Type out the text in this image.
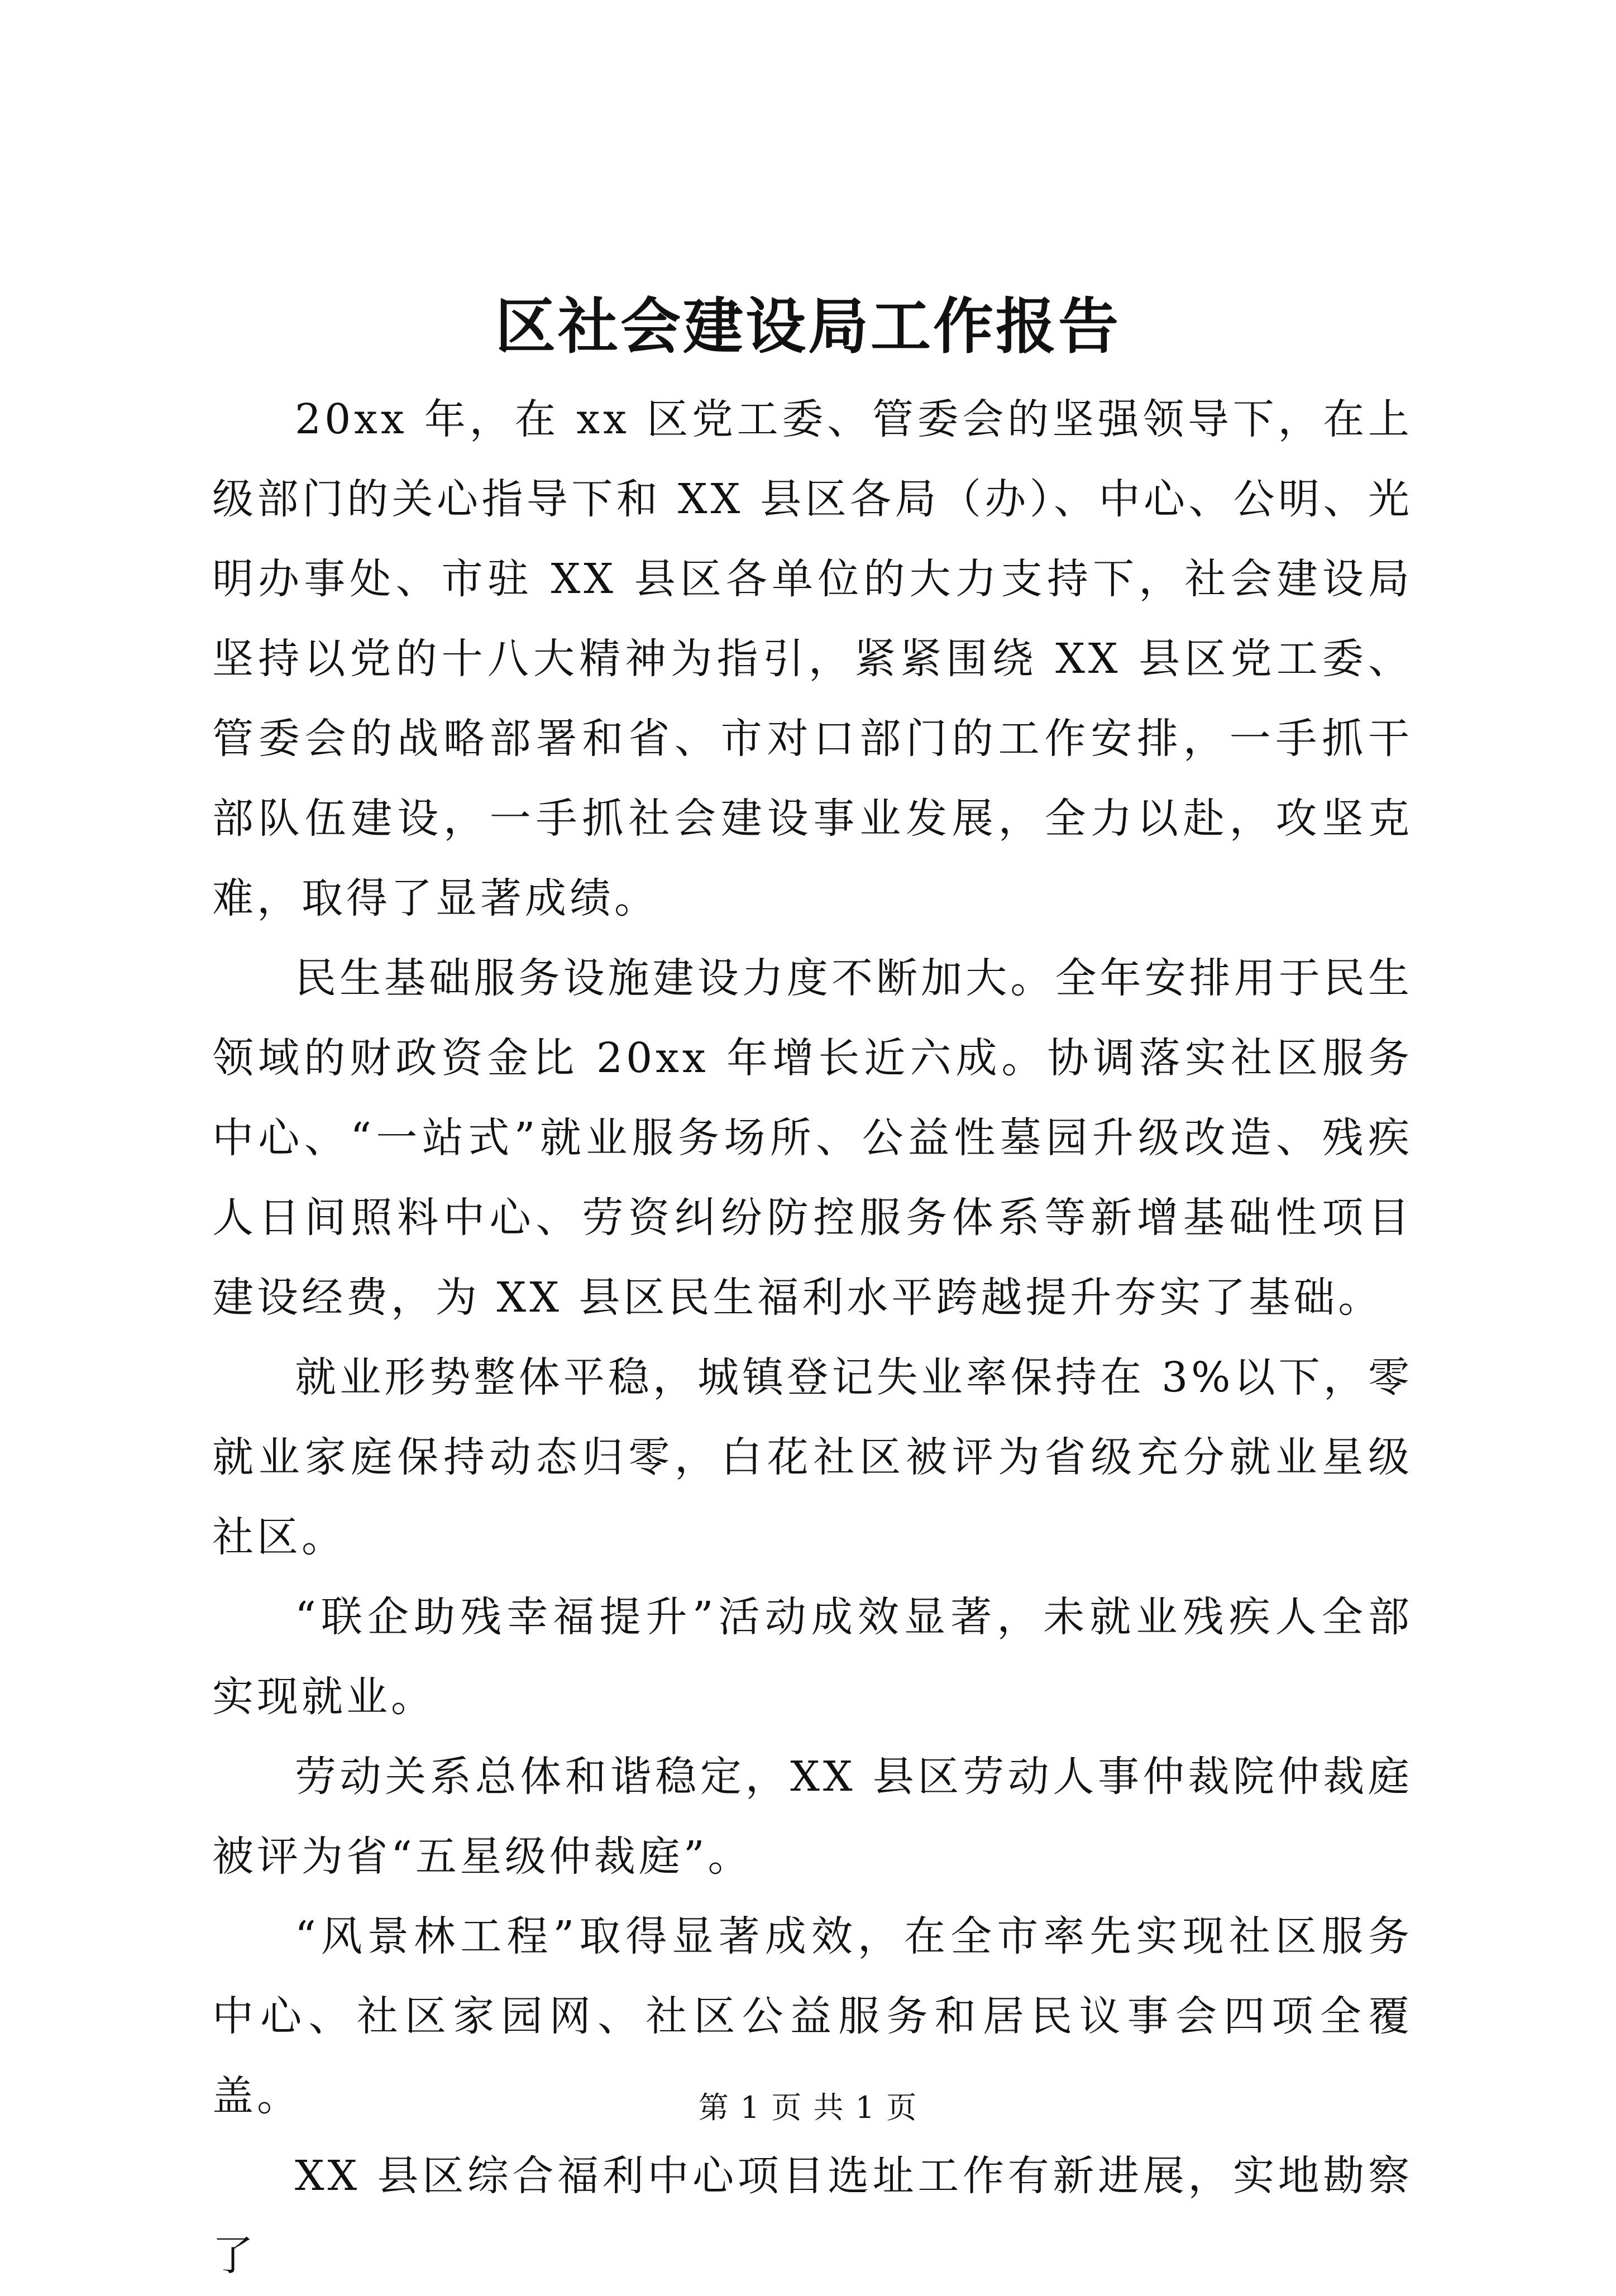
区社会建设局工作报告

20xx 年，在 xx 区党工委、管委会的坚强领导下，在上级部门的关心指导下和 XX 县区各局（办）、中心、公明、光明办事处、市驻 XX 县区各单位的大力支持下，社会建设局坚持以党的十八大精神为指引，紧紧围绕 XX 县区党工委、管委会的战略部署和省、市对口部门的工作安排，一手抓干部队伍建设，一手抓社会建设事业发展，全力以赴，攻坚克难，取得了显著成绩。

民生基础服务设施建设力度不断加大。全年安排用于民生领域的财政资金比 20xx 年增长近六成。协调落实社区服务中心、“一站式”就业服务场所、公益性墓园升级改造、残疾人日间照料中心、劳资纠纷防控服务体系等新增基础性项目建设经费，为 XX 县区民生福利水平跨越提升夯实了基础。

就业形势整体平稳，城镇登记失业率保持在 3%以下，零就业家庭保持动态归零，白花社区被评为省级充分就业星级社区。

“联企助残幸福提升”活动成效显著，未就业残疾人全部实现就业。

劳动关系总体和谐稳定，XX 县区劳动人事仲裁院仲裁庭被评为省“五星级仲裁庭”。

“风景林工程”取得显著成效，在全市率先实现社区服务中心、社区家园网、社区公益服务和居民议事会四项全覆盖。

XX 县区综合福利中心项目选址工作有新进展，实地勘察了

第 1 页 共 1 页
